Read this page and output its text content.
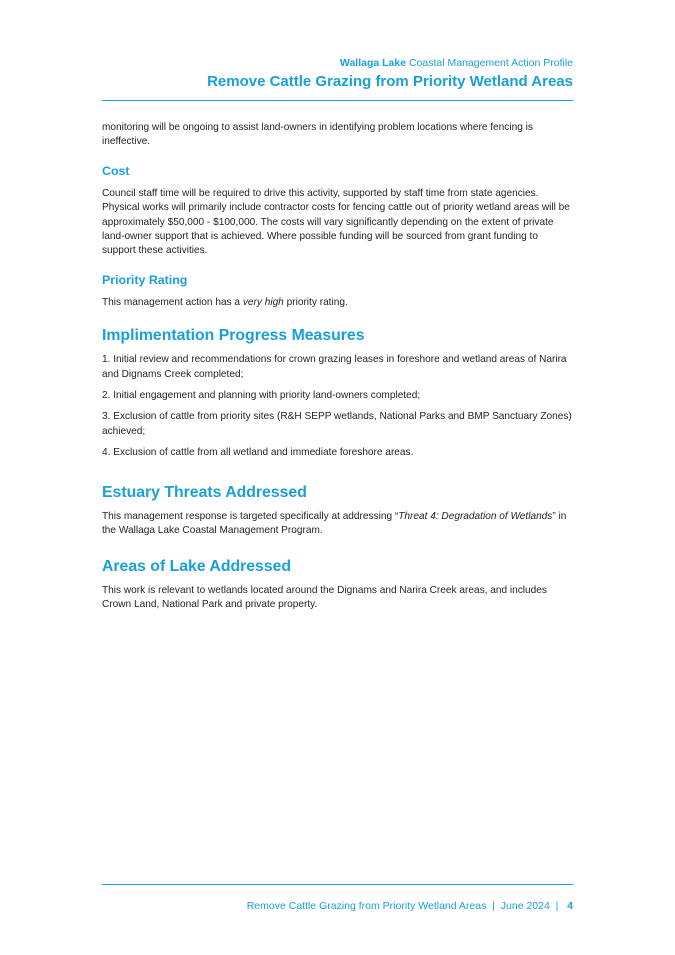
Wallaga Lake Coastal Management Action Profile
Remove Cattle Grazing from Priority Wetland Areas

monitoring will be ongoing to assist land-owners in identifying problem locations where fencing is ineffective.

Cost

Council staff time will be required to drive this activity, supported by staff time from state agencies. Physical works will primarily include contractor costs for fencing cattle out of priority wetland areas will be approximately $50,000 - $100,000. The costs will vary significantly depending on the extent of private land-owner support that is achieved. Where possible funding will be sourced from grant funding to support these activities.

Priority Rating

This management action has a very high priority rating.

Implimentation Progress Measures

1. Initial review and recommendations for crown grazing leases in foreshore and wetland areas of Narira and Dignams Creek completed;

2. Initial engagement and planning with priority land-owners completed;

3. Exclusion of cattle from priority sites (R&H SEPP wetlands, National Parks and BMP Sanctuary Zones) achieved;

4. Exclusion of cattle from all wetland and immediate foreshore areas.

Estuary Threats Addressed

This management response is targeted specifically at addressing “Threat 4: Degradation of Wetlands” in the Wallaga Lake Coastal Management Program.

Areas of Lake Addressed

This work is relevant to wetlands located around the Dignams and Narira Creek areas, and includes Crown Land, National Park and private property.

Remove Cattle Grazing from Priority Wetland Areas  |  June 2024  |   4
